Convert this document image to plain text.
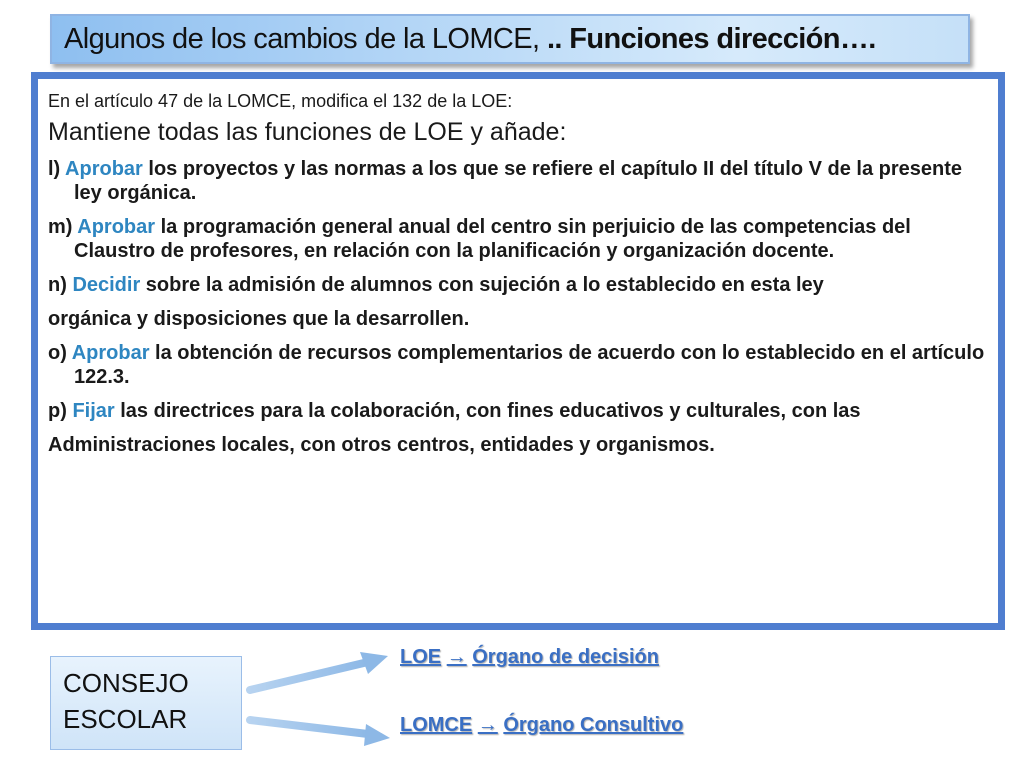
Algunos de los cambios de la LOMCE, .. Funciones dirección….
En el artículo 47 de la LOMCE, modifica el 132 de la LOE:
Mantiene todas las funciones de LOE y añade:
l) Aprobar los proyectos y las normas a los que se refiere el capítulo II del título V de la presente ley orgánica.
m) Aprobar la programación general anual del centro sin perjuicio de las competencias del Claustro de profesores, en relación con la planificación y organización docente.
n) Decidir sobre la admisión de alumnos con sujeción a lo establecido en esta ley
orgánica y disposiciones que la desarrollen.
o) Aprobar la obtención de recursos complementarios de acuerdo con lo establecido en el artículo 122.3.
p) Fijar las directrices para la colaboración, con fines educativos y culturales, con las
Administraciones locales, con otros centros, entidades y organismos.
CONSEJO
ESCOLAR
LOE → Órgano de decisión
LOMCE → Órgano Consultivo
